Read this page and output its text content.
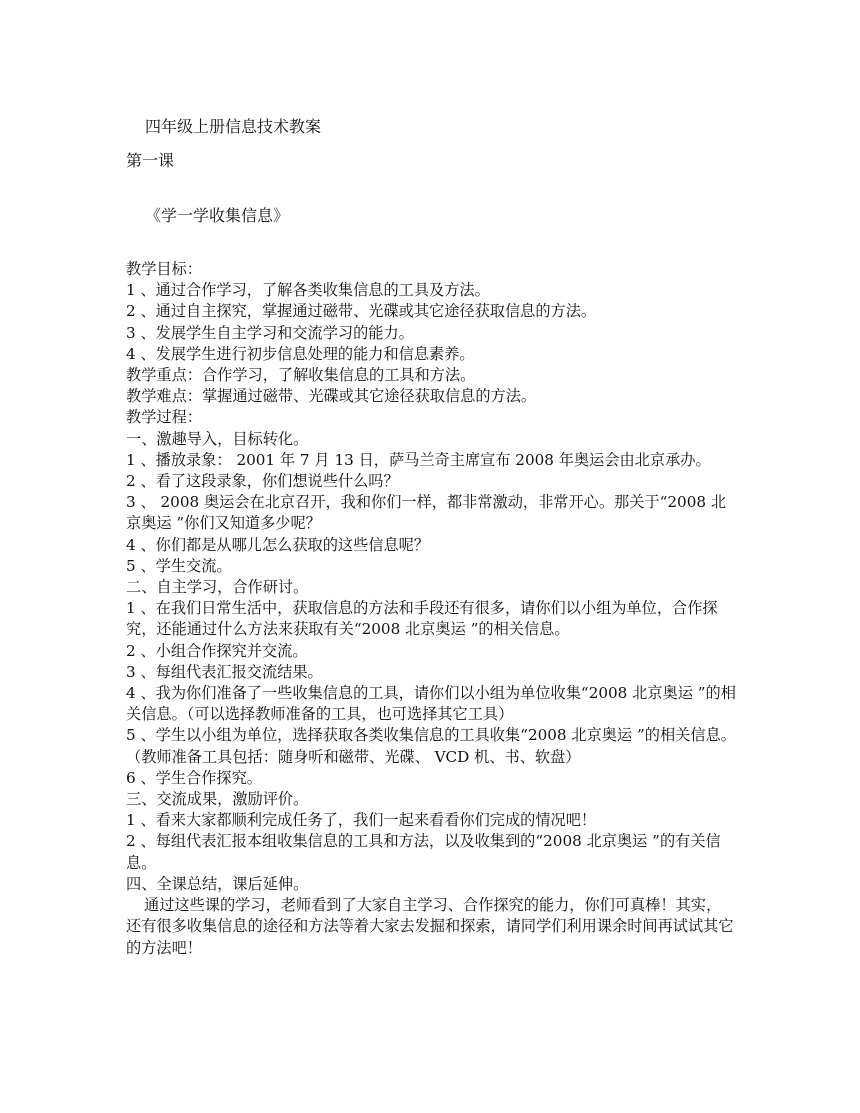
四年级上册信息技术教案
第一课
《学一学收集信息》

教学目标：

1 、通过合作学习，了解各类收集信息的工具及方法。

2 、通过自主探究，掌握通过磁带、光碟或其它途径获取信息的方法。

3 、发展学生自主学习和交流学习的能力。

4 、发展学生进行初步信息处理的能力和信息素养。

教学重点：合作学习，了解收集信息的工具和方法。

教学难点：掌握通过磁带、光碟或其它途径获取信息的方法。

教学过程：

一、激趣导入，目标转化。

1 、播放录象： 2001 年 7 月 13 日，萨马兰奇主席宣布 2008 年奥运会由北京承办。

2 、看了这段录象，你们想说些什么吗？

3 、 2008 奥运会在北京召开，我和你们一样，都非常激动，非常开心。那关于“2008 北京奥运 ”你们又知道多少呢？

4 、你们都是从哪儿怎么获取的这些信息呢？

5 、学生交流。

二、自主学习，合作研讨。

1 、在我们日常生活中，获取信息的方法和手段还有很多，请你们以小组为单位，合作探究，还能通过什么方法来获取有关“2008 北京奥运 ”的相关信息。

2 、小组合作探究并交流。

3 、每组代表汇报交流结果。

4 、我为你们准备了一些收集信息的工具，请你们以小组为单位收集“2008 北京奥运 ”的相关信息。（可以选择教师准备的工具，也可选择其它工具）

5 、学生以小组为单位，选择获取各类收集信息的工具收集“2008 北京奥运 ”的相关信息。（教师准备工具包括：随身听和磁带、光碟、 VCD 机、书、软盘）

6 、学生合作探究。

三、交流成果，激励评价。

1 、看来大家都顺利完成任务了，我们一起来看看你们完成的情况吧！

2 、每组代表汇报本组收集信息的工具和方法，以及收集到的“2008 北京奥运 ”的有关信息。

四、全课总结，课后延伸。

通过这些课的学习，老师看到了大家自主学习、合作探究的能力，你们可真棒！其实，还有很多收集信息的途径和方法等着大家去发掘和探索，请同学们利用课余时间再试试其它的方法吧！
